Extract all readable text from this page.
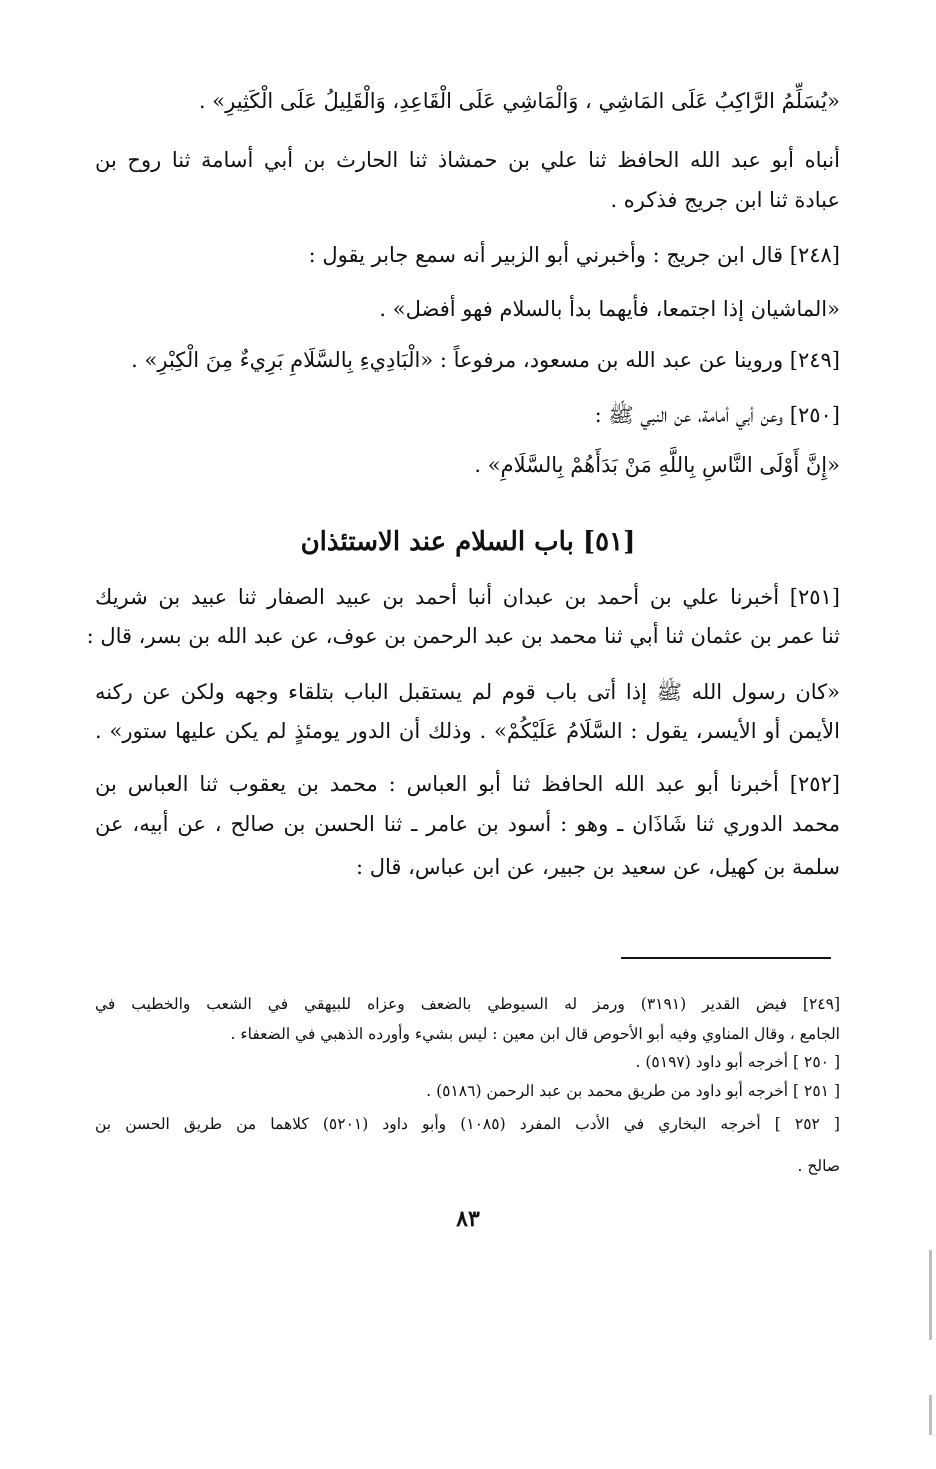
«يُسَلِّمُ الرَّاكِبُ عَلَى المَاشِي ، وَالْمَاشِي عَلَى الْقَاعِدِ، وَالْقَلِيلُ عَلَى الْكَثِيرِ» .
أنباه أبو عبد الله الحافظ ثنا علي بن حمشاذ ثنا الحارث بن أبي أسامة ثنا روح بن
عبادة ثنا ابن جريج فذكره .
[٢٤٨] قال ابن جريج : وأخبرني أبو الزبير أنه سمع جابر يقول :
«الماشيان إذا اجتمعا، فأيهما بدأ بالسلام فهو أفضل» .
[٢٤٩] وروينا عن عبد الله بن مسعود، مرفوعاً : «الْبَادِيءِ بِالسَّلَامِ بَرِيءٌ مِنَ الْكِبْرِ» .
[٢٥٠] وعن أبي أمامة، عن النبي ﷺ :
«إِنَّ أَوْلَى النَّاسِ بِاللَّهِ مَنْ بَدَأَهُمْ بِالسَّلَامِ» .
[٥١] باب السلام عند الاستئذان
[٢٥١] أخبرنا علي بن أحمد بن عبدان أنبا أحمد بن عبيد الصفار ثنا عبيد بن شريك
ثنا عمر بن عثمان ثنا أبي ثنا محمد بن عبد الرحمن بن عوف، عن عبد الله بن بسر، قال :
«كان رسول الله ﷺ إذا أتى باب قوم لم يستقبل الباب بتلقاء وجهه ولكن عن ركنه
الأيمن أو الأيسر، يقول : السَّلَامُ عَلَيْكُمْ» . وذلك أن الدور يومئذٍ لم يكن عليها ستور» .
[٢٥٢] أخبرنا أبو عبد الله الحافظ ثنا أبو العباس : محمد بن يعقوب ثنا العباس بن
محمد الدوري ثنا شَاذَان ـ وهو : أسود بن عامر ـ ثنا الحسن بن صالح ، عن أبيه، عن
سلمة بن كهيل، عن سعيد بن جبير، عن ابن عباس، قال :
[٢٤٩] فيض القدير (٣١٩١) ورمز له السيوطي بالضعف وعزاه للبيهقي في الشعب والخطيب في
الجامع ، وقال المناوي وفيه أبو الأحوص قال ابن معين : ليس بشيء وأورده الذهبي في الضعفاء .
[ ٢٥٠ ] أخرجه أبو داود (٥١٩٧) .
[ ٢٥١ ] أخرجه أبو داود من طريق محمد بن عبد الرحمن (٥١٨٦) .
[ ٢٥٢ ] أخرجه البخاري في الأدب المفرد (١٠٨٥) وأبو داود (٥٢٠١) كلاهما من طريق الحسن بن
صالح .
٨٣
